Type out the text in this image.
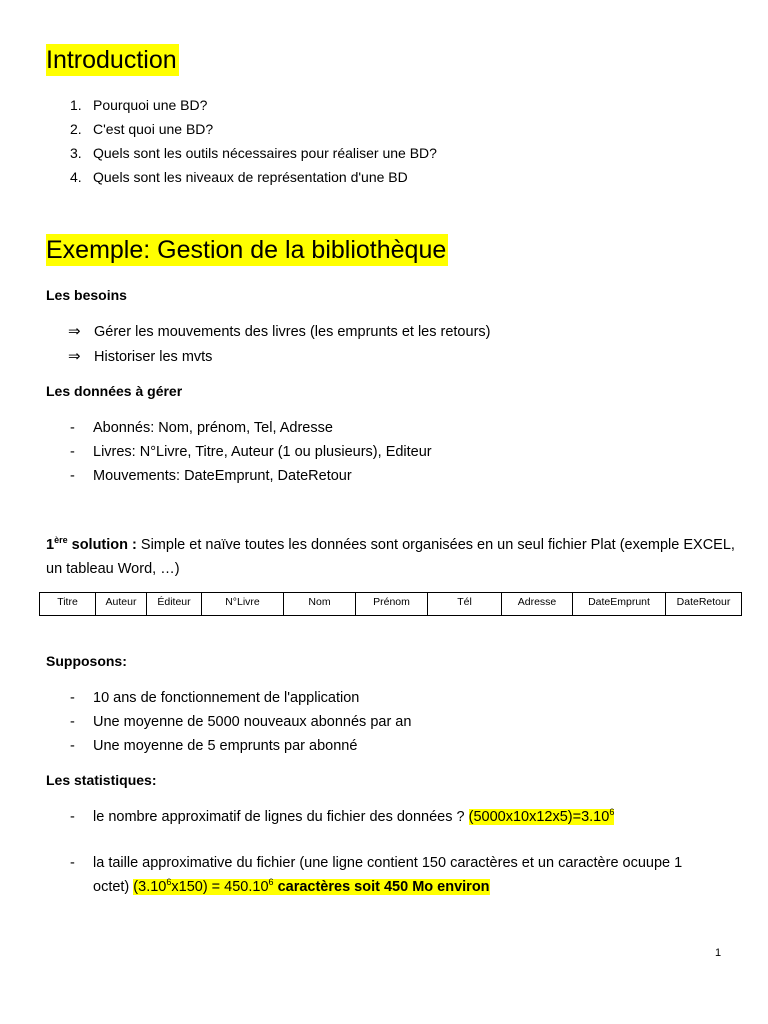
Introduction
1. Pourquoi une BD?
2. C'est quoi une BD?
3. Quels sont les outils nécessaires pour réaliser une BD?
4. Quels sont les niveaux de représentation d'une BD
Exemple: Gestion de la bibliothèque
Les besoins
⇒ Gérer les mouvements des livres (les emprunts et les retours)
⇒ Historiser les mvts
Les données à gérer
- Abonnés: Nom, prénom, Tel, Adresse
- Livres: N°Livre, Titre, Auteur (1 ou plusieurs), Editeur
- Mouvements: DateEmprunt, DateRetour
1ère solution : Simple et naïve toutes les données sont organisées en un seul fichier Plat (exemple EXCEL, un tableau Word, …)
Titre	Auteur	Éditeur	N°Livre	Nom	Prénom	Tél	Adresse	DateEmprunt	DateRetour
Supposons:
- 10 ans de fonctionnement de l'application
- Une moyenne de 5000 nouveaux abonnés par an
- Une moyenne de 5 emprunts par abonné
Les statistiques:
- le nombre approximatif de lignes du fichier des données ? $(5000x10x12x5)=3.10^6$
- la taille approximative du fichier (une ligne contient 150 caractères et un caractère ocuupe 1 octet) $(3.10^6x150) = 450.10^6$ caractères soit 450 Mo environ
1
